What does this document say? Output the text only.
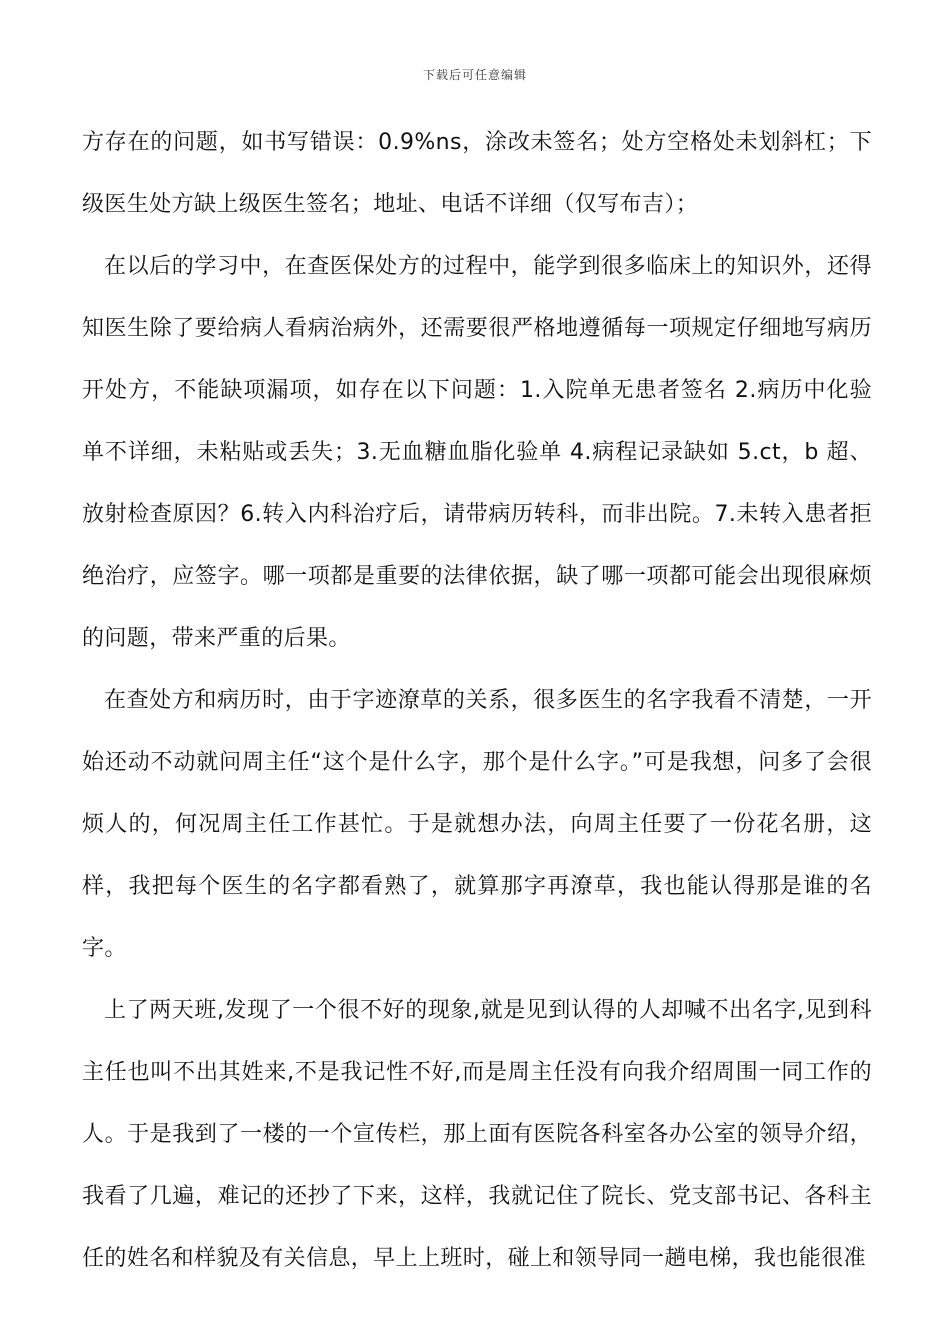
下载后可任意编辑

方存在的问题，如书写错误：0.9%ns，涂改未签名；处方空格处未划斜杠；下级医生处方缺上级医生签名；地址、电话不详细（仅写布吉）；

在以后的学习中，在查医保处方的过程中，能学到很多临床上的知识外，还得知医生除了要给病人看病治病外，还需要很严格地遵循每一项规定仔细地写病历开处方，不能缺项漏项，如存在以下问题：1.入院单无患者签名 2.病历中化验单不详细，未粘贴或丢失；3.无血糖血脂化验单 4.病程记录缺如 5.ct，b 超、放射检查原因？6.转入内科治疗后，请带病历转科，而非出院。7.未转入患者拒绝治疗，应签字。哪一项都是重要的法律依据，缺了哪一项都可能会出现很麻烦的问题，带来严重的后果。

在查处方和病历时，由于字迹潦草的关系，很多医生的名字我看不清楚，一开始还动不动就问周主任“这个是什么字，那个是什么字。”可是我想，问多了会很烦人的，何况周主任工作甚忙。于是就想办法，向周主任要了一份花名册，这样，我把每个医生的名字都看熟了，就算那字再潦草，我也能认得那是谁的名字。

上了两天班,发现了一个很不好的现象,就是见到认得的人却喊不出名字,见到科主任也叫不出其姓来,不是我记性不好,而是周主任没有向我介绍周围一同工作的人。于是我到了一楼的一个宣传栏，那上面有医院各科室各办公室的领导介绍，我看了几遍，难记的还抄了下来，这样，我就记住了院长、党支部书记、各科主任的姓名和样貌及有关信息，早上上班时，碰上和领导同一趟电梯，我也能很准
